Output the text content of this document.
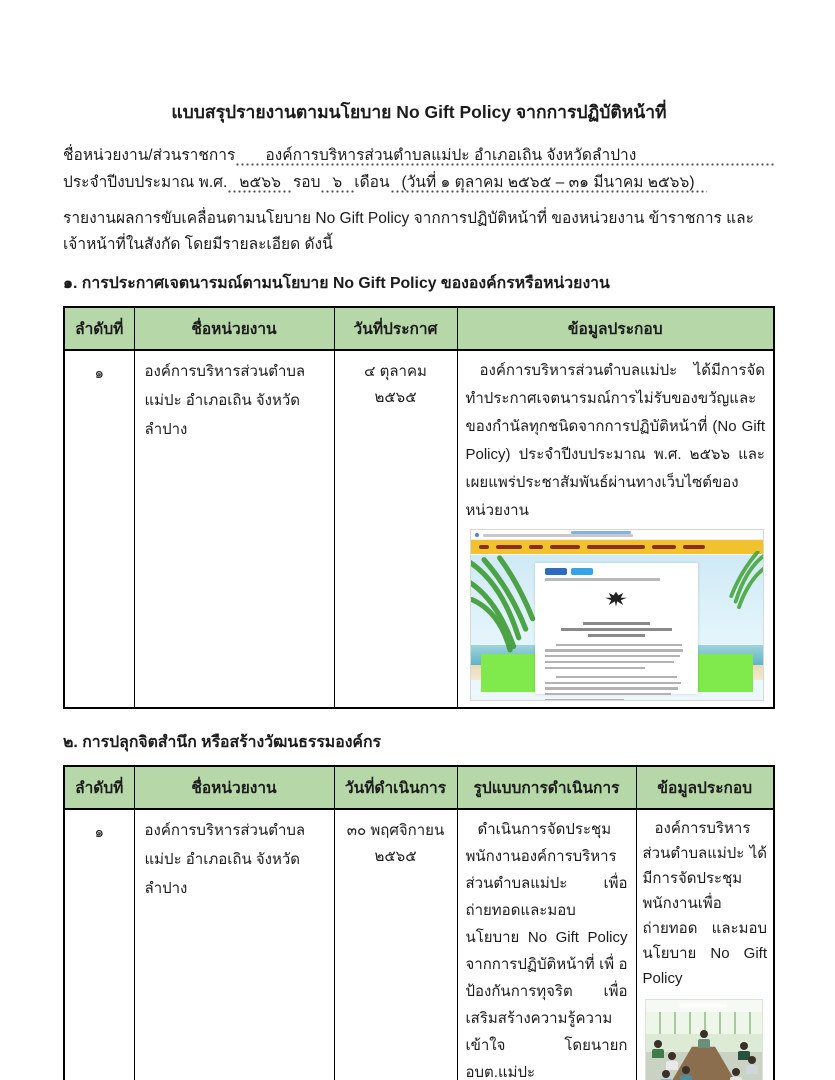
แบบสรุปรายงานตามนโยบาย No Gift Policy จากการปฏิบัติหน้าที่
ชื่อหน่วยงาน/ส่วนราชการ	องค์การบริหารส่วนตำบลแม่ปะ อำเภอเถิน จังหวัดลำปาง
ประจำปีงบประมาณ พ.ศ. ๒๕๖๖ รอบ ๖ เดือน (วันที่ ๑ ตุลาคม ๒๕๖๕ – ๓๑ มีนาคม ๒๕๖๖)
รายงานผลการขับเคลื่อนตามนโยบาย No Gift Policy จากการปฏิบัติหน้าที่ ของหน่วยงาน ข้าราชการ และเจ้าหน้าที่ในสังกัด โดยมีรายละเอียด ดังนี้
๑. การประกาศเจตนารมณ์ตามนโยบาย No Gift Policy ขององค์กรหรือหน่วยงาน
ลำดับที่	ชื่อหน่วยงาน	วันที่ประกาศ	ข้อมูลประกอบ
๑	องค์การบริหารส่วนตำบลแม่ปะ อำเภอเถิน จังหวัดลำปาง	๔ ตุลาคม ๒๕๖๕	องค์การบริหารส่วนตำบลแม่ปะ ได้มีการจัดทำประกาศเจตนารมณ์การไม่รับของขวัญและของกำนัลทุกชนิดจากการปฏิบัติหน้าที่ (No Gift Policy) ประจำปีงบประมาณ พ.ศ. ๒๕๖๖ และเผยแพร่ประชาสัมพันธ์ผ่านทางเว็บไซต์ของหน่วยงาน
๒. การปลุกจิตสำนึก หรือสร้างวัฒนธรรมองค์กร
ลำดับที่	ชื่อหน่วยงาน	วันที่ดำเนินการ	รูปแบบการดำเนินการ	ข้อมูลประกอบ
๑	องค์การบริหารส่วนตำบลแม่ปะ อำเภอเถิน จังหวัดลำปาง	๓๐ พฤศจิกายน ๒๕๖๕	ดำเนินการจัดประชุมพนักงานองค์การบริหารส่วนตำบลแม่ปะ เพื่อถ่ายทอดและมอบนโยบาย No Gift Policy จากการปฏิบัติหน้าที่ เพื่ อป้องกันการทุจริต เพื่อเสริมสร้างความรู้ความเข้าใจ โดยนายก อบต.แม่ปะ	องค์การบริหารส่วนตำบลแม่ปะ ได้มีการจัดประชุมพนักงานเพื่อถ่ายทอด และมอบนโยบาย No Gift Policy
